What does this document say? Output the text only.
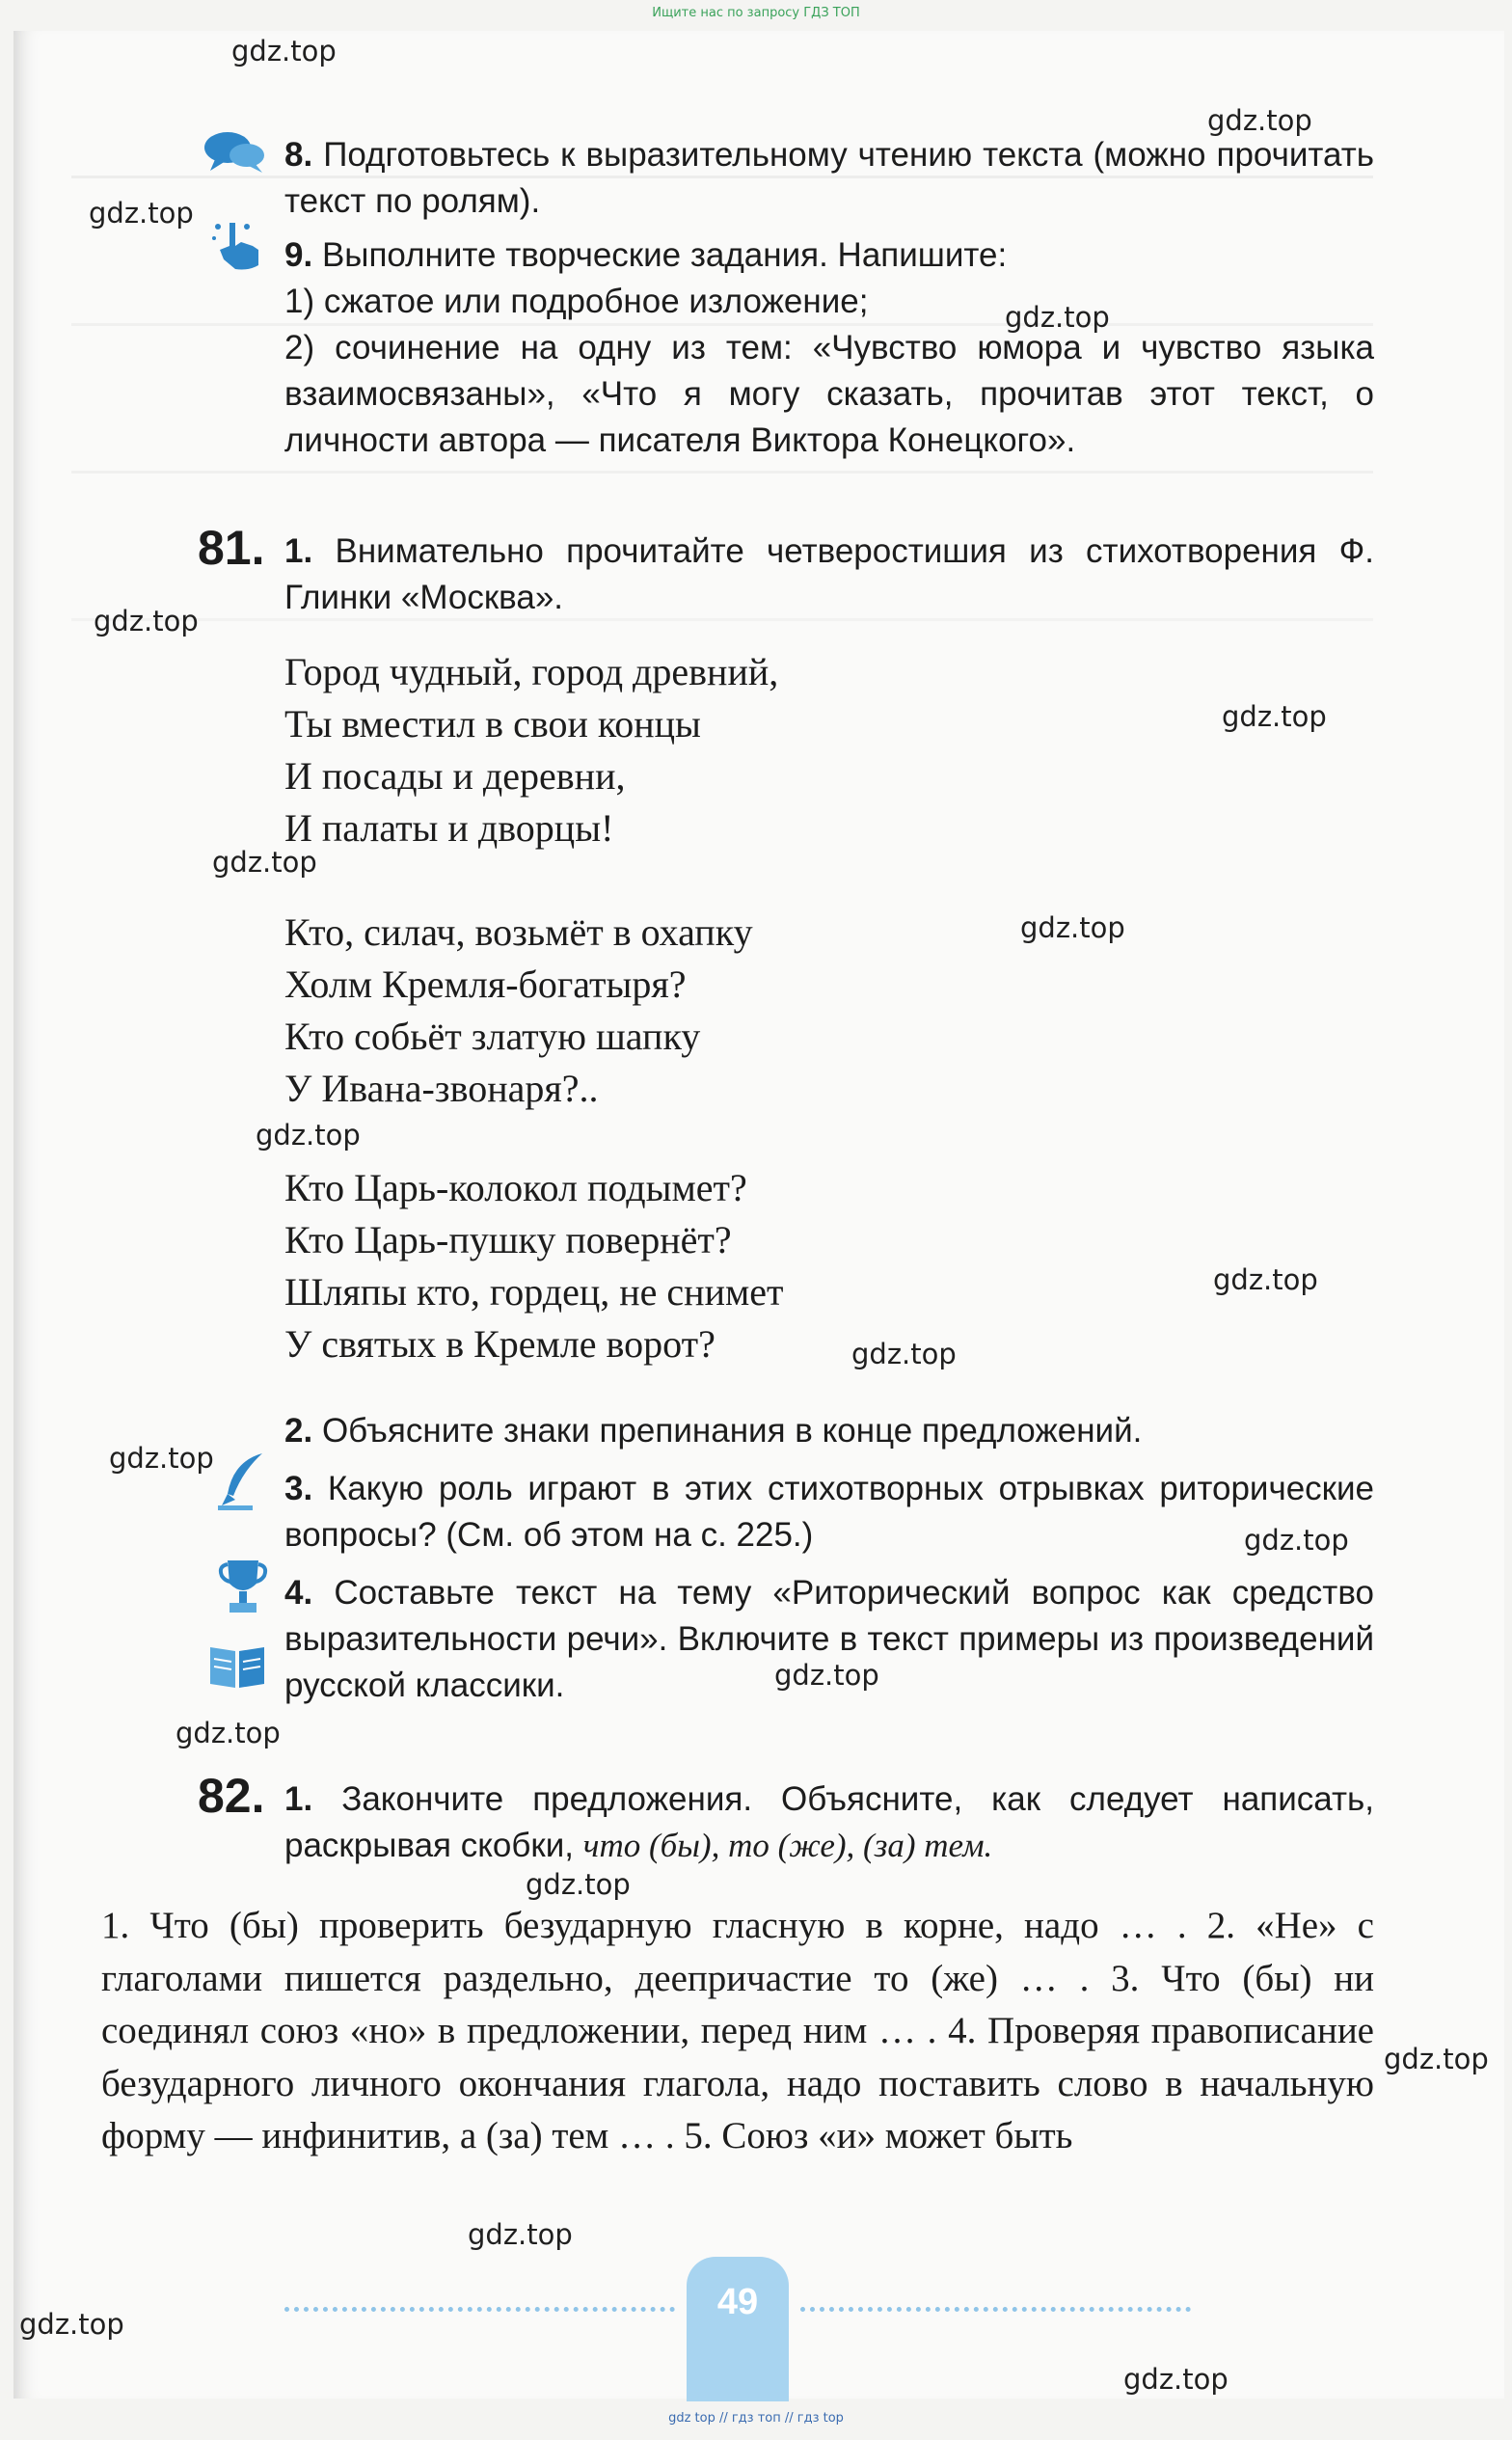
Ищите нас по запросу ГДЗ ТОП
8. Подготовьтесь к выразительному чтению текста (можно прочитать текст по ролям).
9. Выполните творческие задания. Напишите:
1) сжатое или подробное изложение;
2) сочинение на одну из тем: «Чувство юмора и чувство языка взаимосвязаны», «Что я могу сказать, прочитав этот текст, о личности автора — писателя Виктора Конецкого».
81. 1. Внимательно прочитайте четверостишия из стихотворения Ф. Глинки «Москва».
Город чудный, город древний,
Ты вместил в свои концы
И посады и деревни,
И палаты и дворцы!
Кто, силач, возьмёт в охапку
Холм Кремля-богатыря?
Кто собьёт златую шапку
У Ивана-звонаря?..
Кто Царь-колокол подымет?
Кто Царь-пушку повернёт?
Шляпы кто, гордец, не снимет
У святых в Кремле ворот?
2. Объясните знаки препинания в конце предложений.
3. Какую роль играют в этих стихотворных отрывках риторические вопросы? (См. об этом на с. 225.)
4. Составьте текст на тему «Риторический вопрос как средство выразительности речи». Включите в текст примеры из произведений русской классики.
82. 1. Закончите предложения. Объясните, как следует написать, раскрывая скобки, что (бы), то (же), (за) тем.
1. Что (бы) проверить безударную гласную в корне, надо … . 2. «Не» с глаголами пишется раздельно, деепричастие то (же) … . 3. Что (бы) ни соединял союз «но» в предложении, перед ним … . 4. Проверяя правописание безударного личного окончания глагола, надо поставить слово в начальную форму — инфинитив, а (за) тем … . 5. Союз «и» может быть
49
gdz.top
gdz.top
gdz.top
gdz.top
gdz.top
gdz.top
gdz.top
gdz.top
gdz.top
gdz.top
gdz.top
gdz.top
gdz.top
gdz.top
gdz.top
gdz.top
gdz.top
gdz.top
gdz.top
gdz.top
gdz top // гдз топ // гдз top
